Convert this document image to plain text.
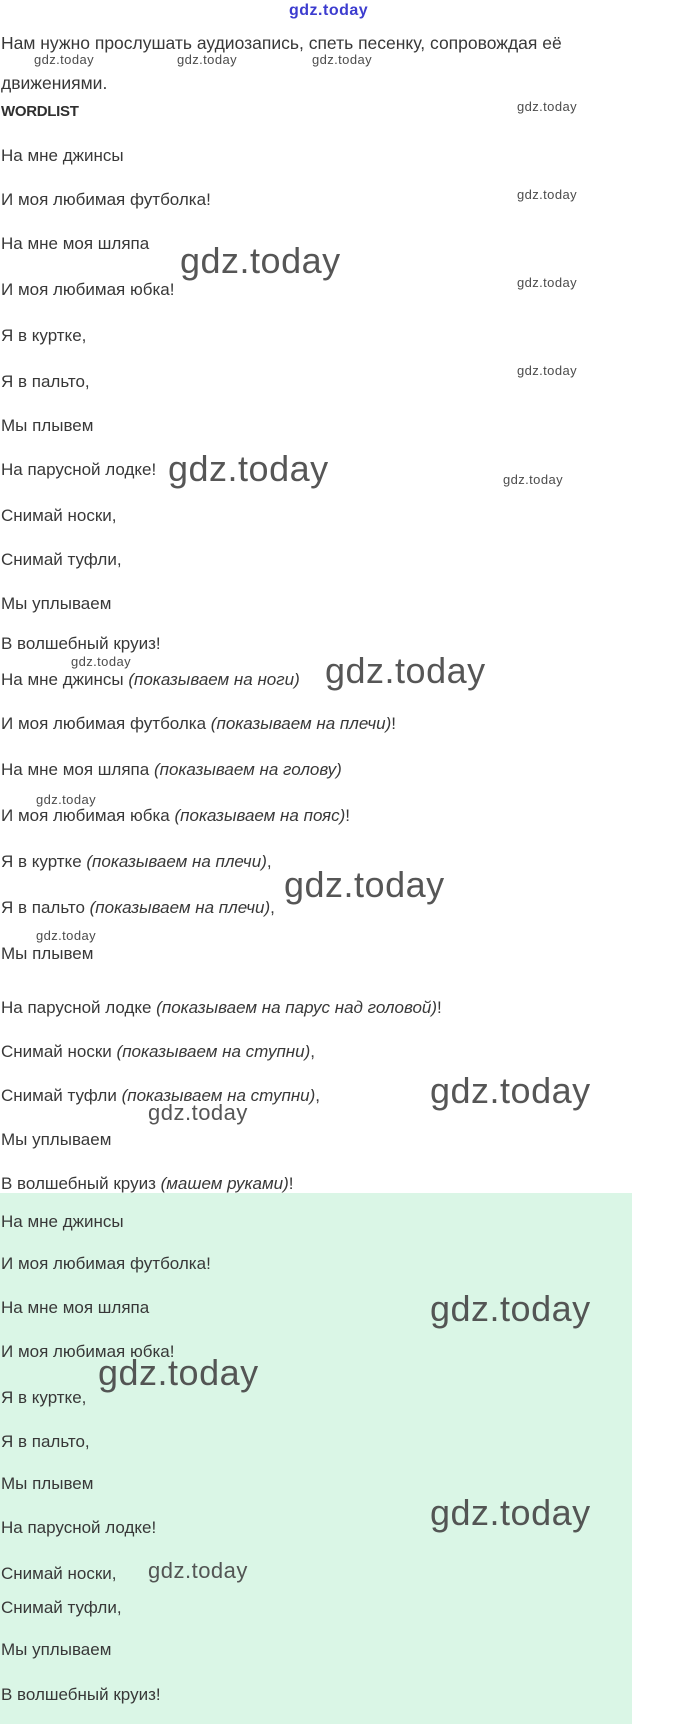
Нам нужно прослушать аудиозапись, спеть песенку, сопровождая её
движениями.
WORDLIST
На мне джинсы
И моя любимая футболка!
На мне моя шляпа
И моя любимая юбка!
Я в куртке,
Я в пальто,
Мы плывем
На парусной лодке!
Снимай носки,
Снимай туфли,
Мы уплываем
В волшебный круиз!
На мне джинсы (показываем на ноги)
И моя любимая футболка (показываем на плечи)!
На мне моя шляпа (показываем на голову)
И моя любимая юбка (показываем на пояс)!
Я в куртке (показываем на плечи),
Я в пальто (показываем на плечи),
Мы плывем
На парусной лодке (показываем на парус над головой)!
Снимай носки (показываем на ступни),
Снимай туфли (показываем на ступни),
Мы уплываем
В волшебный круиз (машем руками)!
На мне джинсы
И моя любимая футболка!
На мне моя шляпа
И моя любимая юбка!
Я в куртке,
Я в пальто,
Мы плывем
На парусной лодке!
Снимай носки,
Снимай туфли,
Мы уплываем
В волшебный круиз!
gdz.today
gdz.today	gdz.today	gdz.today
gdz.today
gdz.today
gdz.today
gdz.today
gdz.today
gdz.today
gdz.today
gdz.today
gdz.today
gdz.today
gdz.today
gdz.today
gdz.today
gdz.today
gdz.today
gdz.today
gdz.today
gdz.today
